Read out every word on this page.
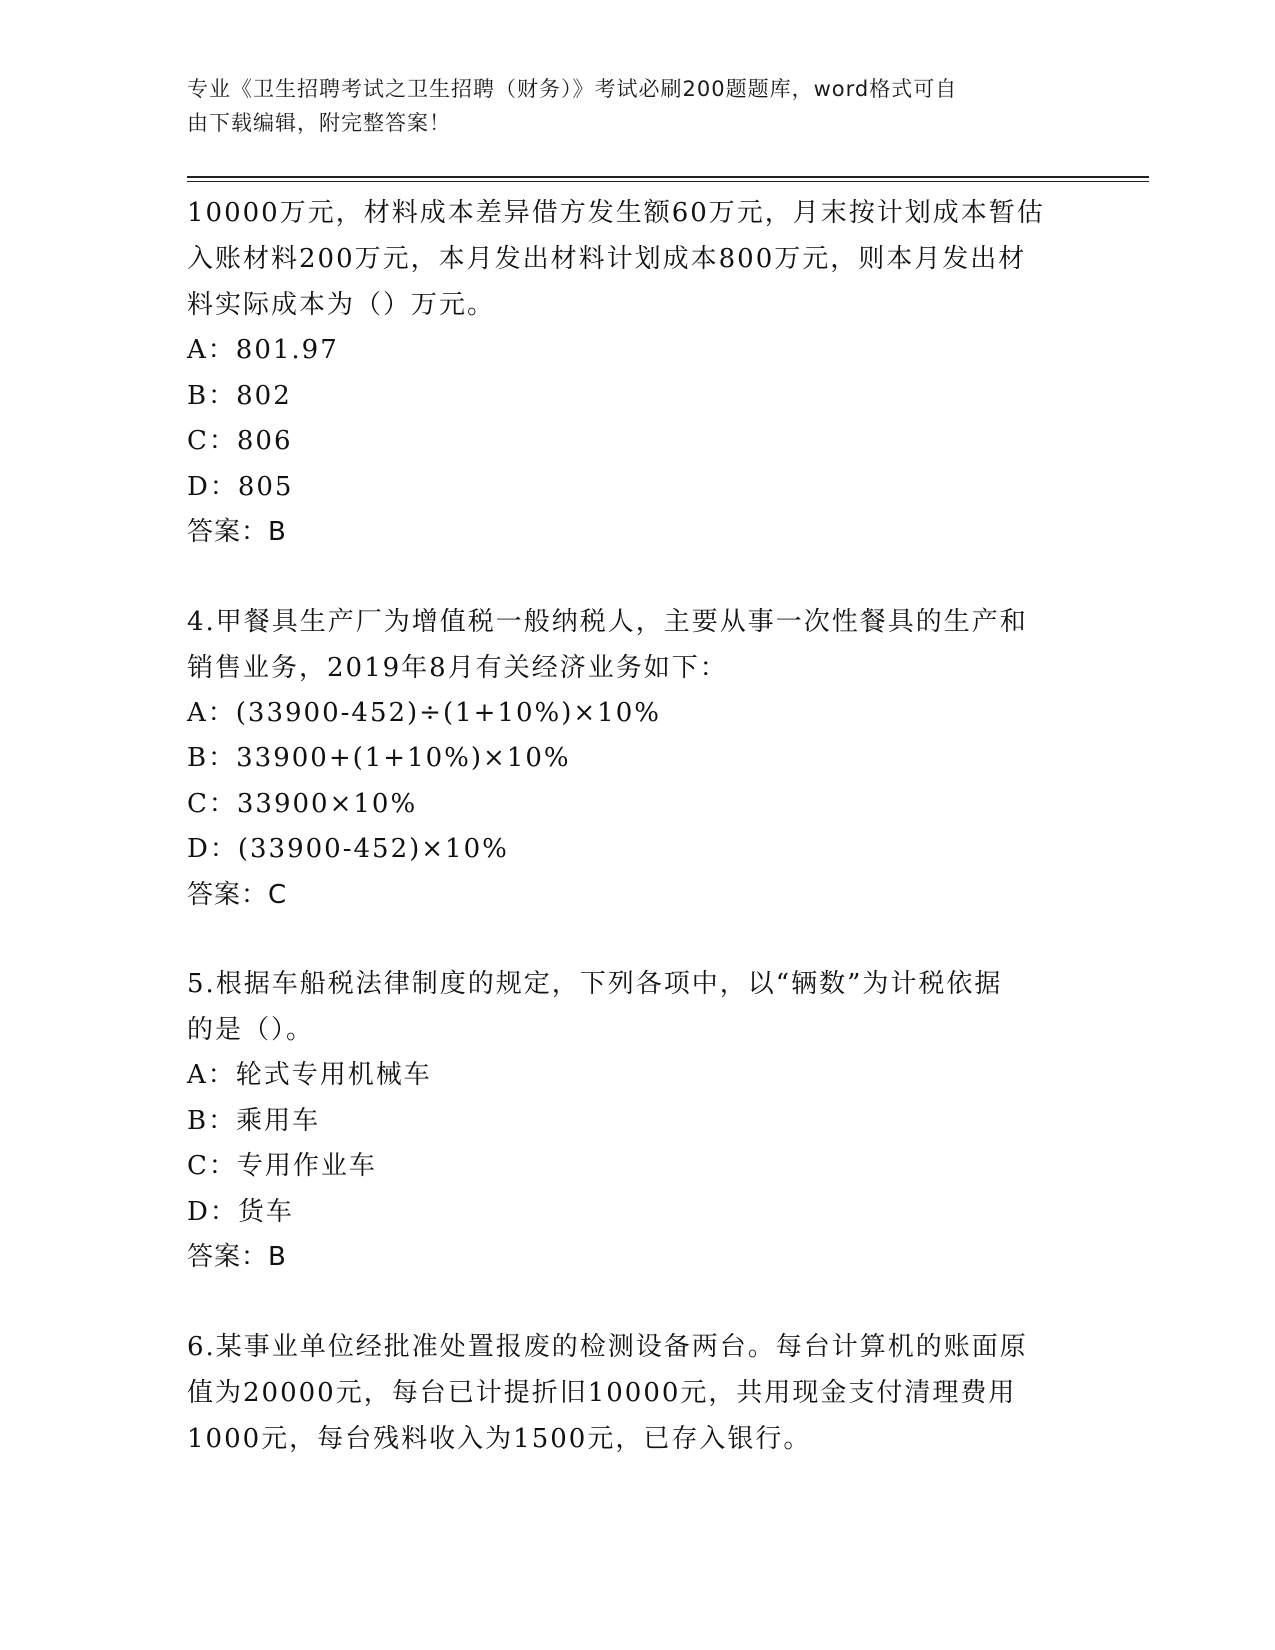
专业《卫生招聘考试之卫生招聘（财务）》考试必刷200题题库，word格式可自
由下载编辑，附完整答案！

10000万元，材料成本差异借方发生额60万元，月末按计划成本暂估

入账材料200万元，本月发出材料计划成本800万元，则本月发出材

料实际成本为（）万元。

A：801.97

B：802

C：806

D：805

答案：B

4.甲餐具生产厂为增值税一般纳税人，主要从事一次性餐具的生产和

销售业务，2019年8月有关经济业务如下：

A：(33900-452)÷(1+10%)×10%

B：33900+(1+10%)×10%

C：33900×10%

D：(33900-452)×10%

答案：C

5.根据车船税法律制度的规定，下列各项中，以“辆数”为计税依据

的是（）。

A：轮式专用机械车

B：乘用车

C：专用作业车

D：货车

答案：B

6.某事业单位经批准处置报废的检测设备两台。每台计算机的账面原

值为20000元，每台已计提折旧10000元，共用现金支付清理费用

1000元，每台残料收入为1500元，已存入银行。
